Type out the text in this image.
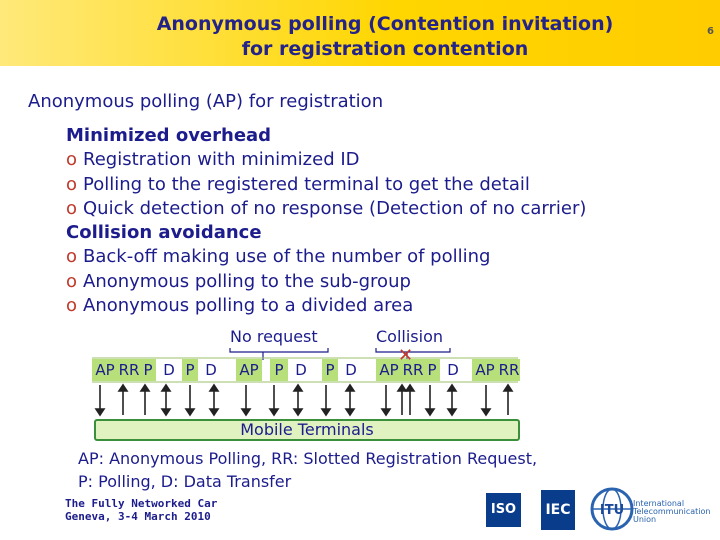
Anonymous polling (Contention invitation)
for registration contention
6
Anonymous polling (AP) for registration
Minimized overhead
o Registration with minimized ID
o Polling to the registered terminal to get the detail
o Quick detection of no response (Detection of no carrier)
Collision avoidance
o Back-off making use of the number of polling
o Anonymous polling to the sub-group
o Anonymous polling to a divided area
No request	Collision
AP RR P D P D	AP P D	P D	AP RR P D	AP RR
✕
Mobile Terminals
AP: Anonymous Polling, RR: Slotted Registration Request,
P: Polling, D: Data Transfer
The Fully Networked Car
Geneva, 3-4 March 2010	ISO	IEC	ITU International
Telecommunication
Union
